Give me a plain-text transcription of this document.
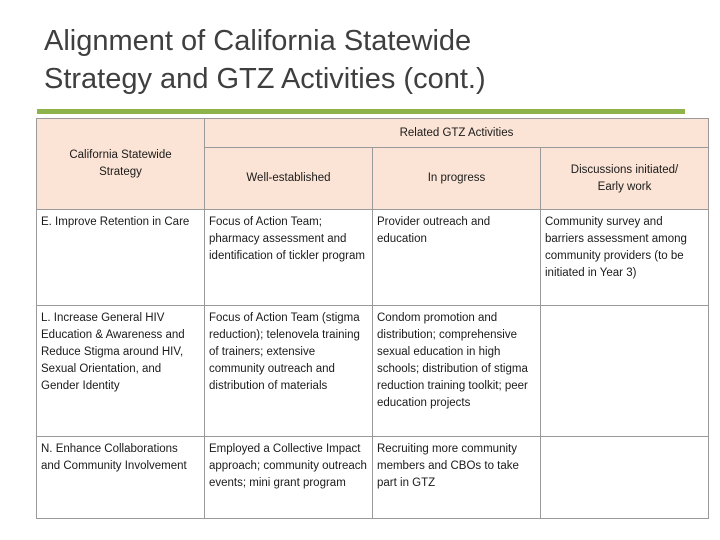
Alignment of California Statewide
Strategy and GTZ Activities (cont.)
California Statewide Strategy	Related GTZ Activities		
	Well-established	In progress	Discussions initiated/ Early work
E. Improve Retention in Care	Focus of Action Team; pharmacy assessment and identification of tickler program	Provider outreach and education	Community survey and barriers assessment among community providers (to be initiated in Year 3)
L. Increase General HIV Education & Awareness and Reduce Stigma around HIV, Sexual Orientation, and Gender Identity	Focus of Action Team (stigma reduction); telenovela training of trainers; extensive community outreach and distribution of materials	Condom promotion and distribution; comprehensive sexual education in high schools; distribution of stigma reduction training toolkit; peer education projects	
N. Enhance Collaborations and Community Involvement	Employed a Collective Impact approach; community outreach events; mini grant program	Recruiting more community members and CBOs to take part in GTZ	
